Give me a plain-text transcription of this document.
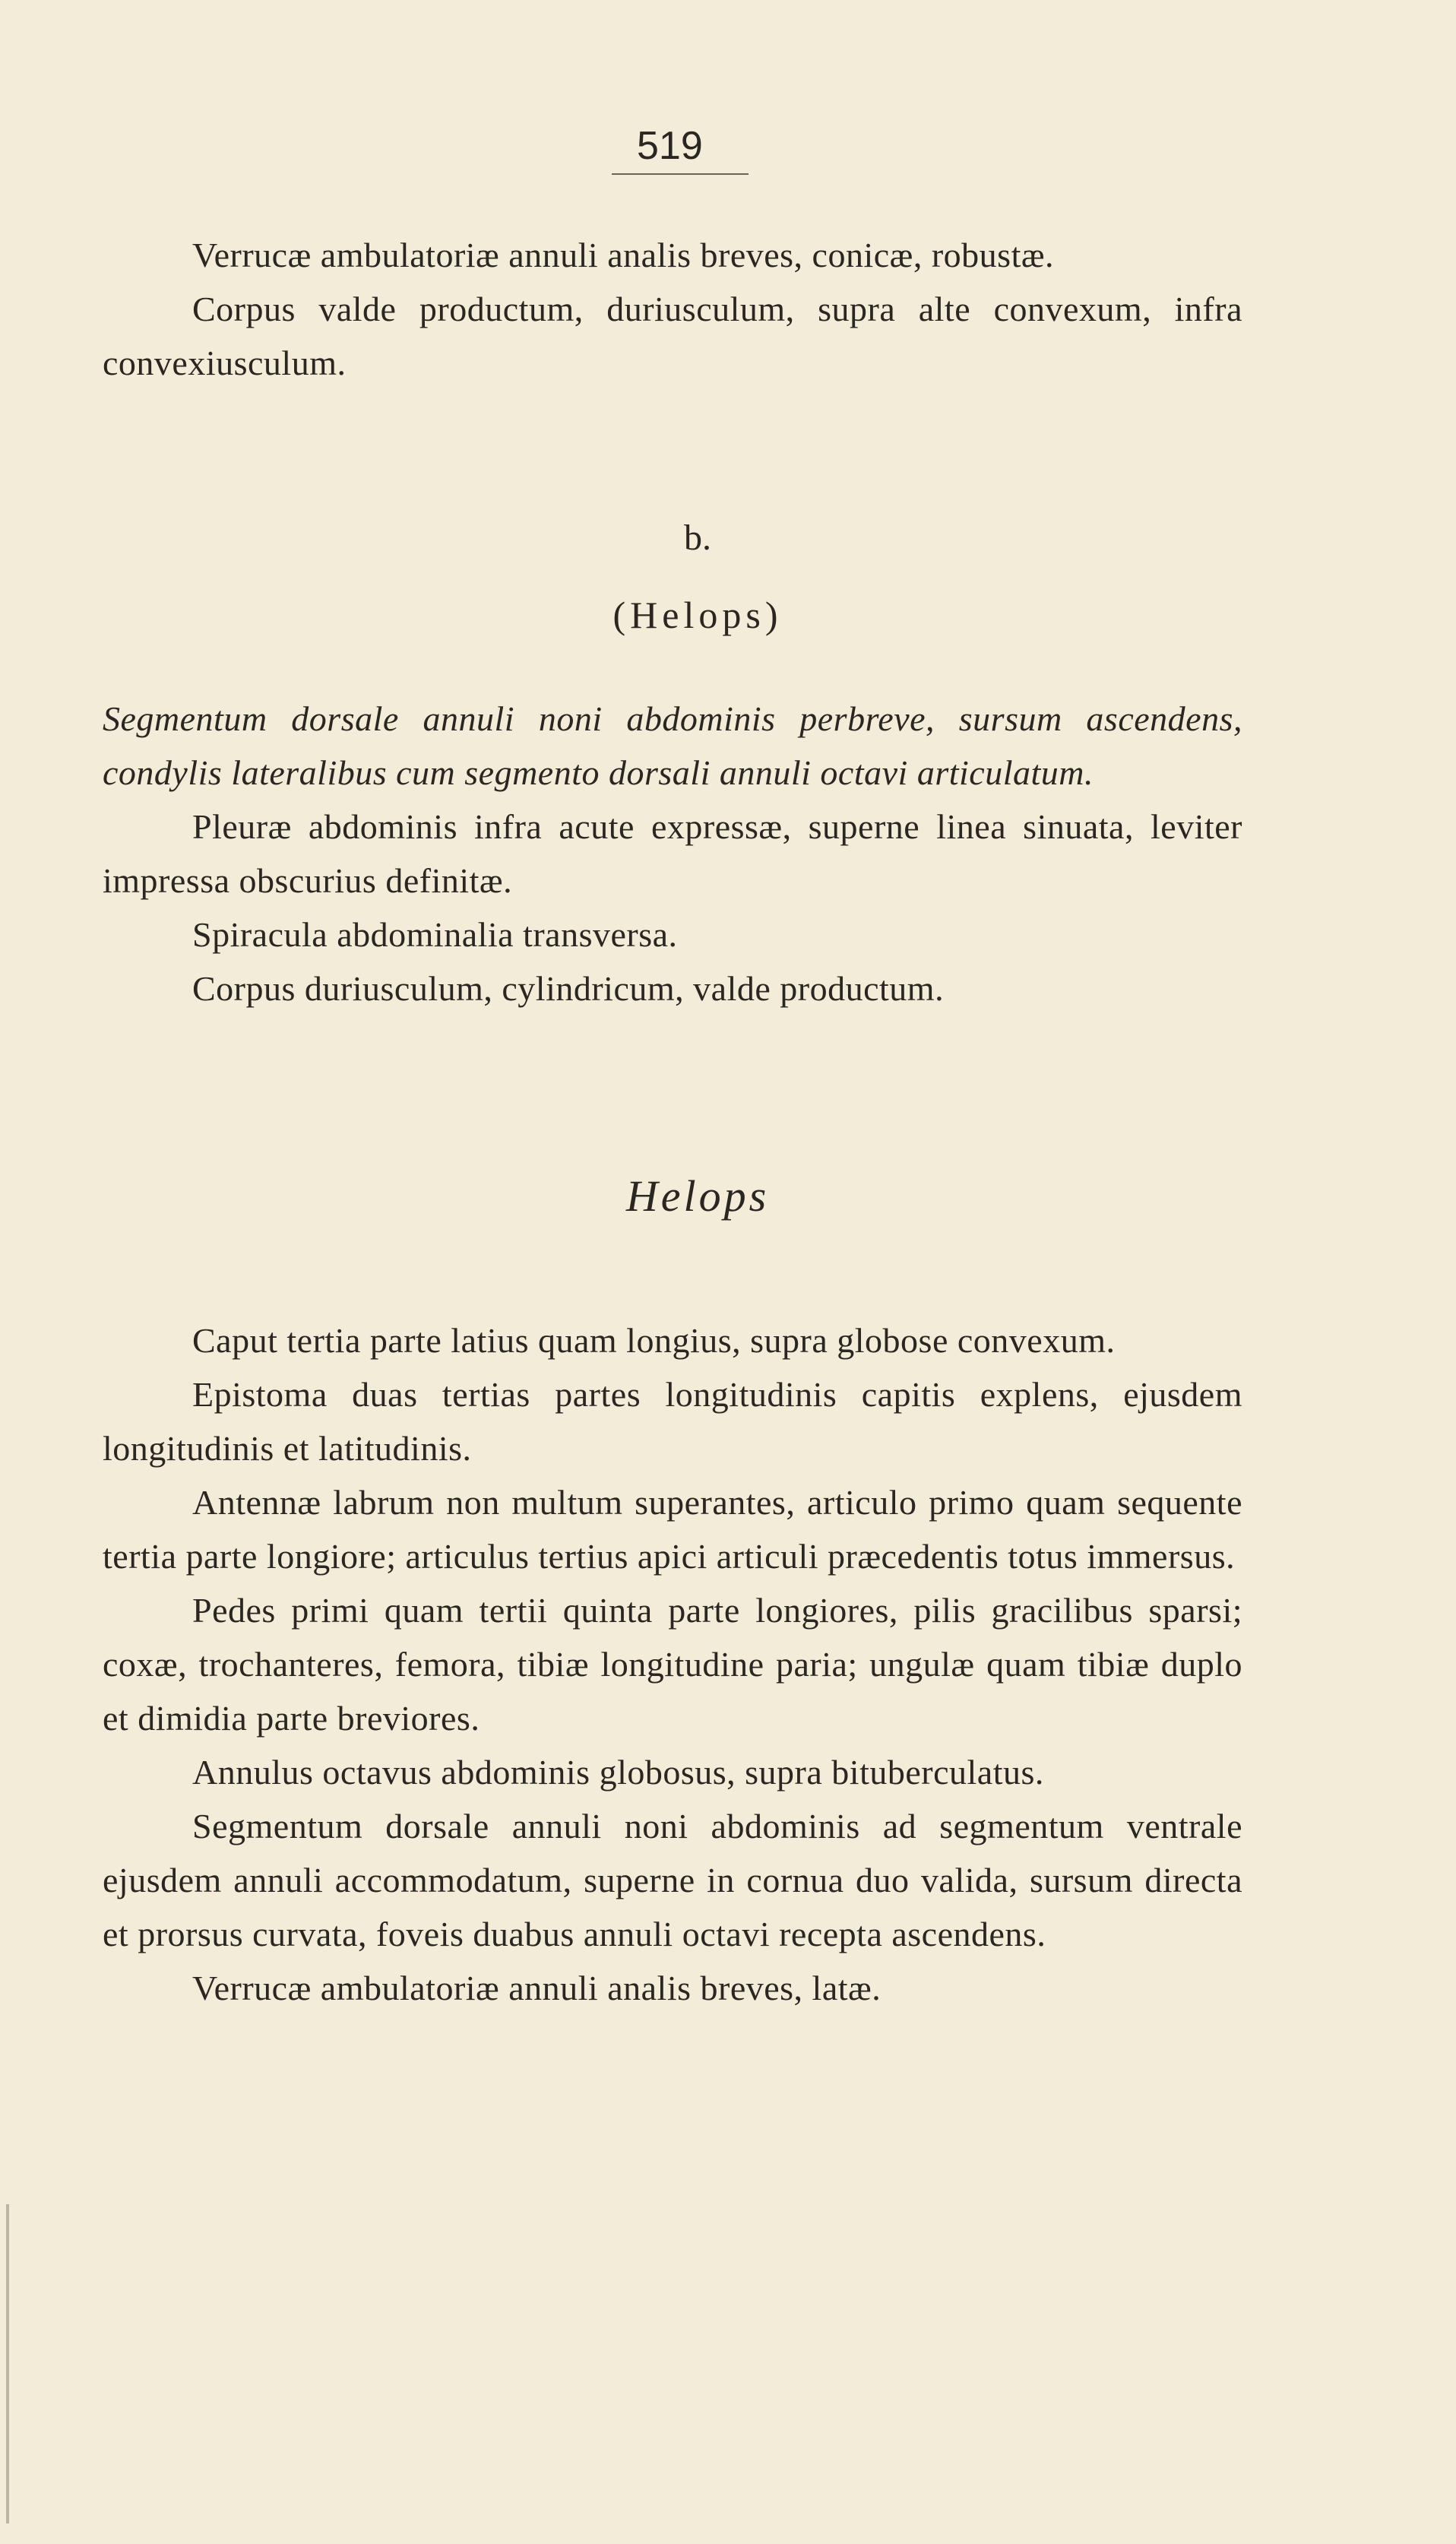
519

Verrucæ ambulatoriæ annuli analis breves, conicæ, robustæ.

Corpus valde productum, duriusculum, supra alte convexum, infra convexiusculum.

b.
(Helops)

Segmentum dorsale annuli noni abdominis perbreve, sursum ascendens, condylis lateralibus cum segmento dorsali annuli octavi articulatum.

Pleuræ abdominis infra acute expressæ, superne linea sinuata, leviter impressa obscurius definitæ.

Spiracula abdominalia transversa.

Corpus duriusculum, cylindricum, valde productum.

Helops

Caput tertia parte latius quam longius, supra globose convexum.

Epistoma duas tertias partes longitudinis capitis explens, ejusdem longitudinis et latitudinis.

Antennæ labrum non multum superantes, articulo primo quam sequente tertia parte longiore; articulus tertius apici articuli præcedentis totus immersus.

Pedes primi quam tertii quinta parte longiores, pilis gracilibus sparsi; coxæ, trochanteres, femora, tibiæ longitudine paria; ungulæ quam tibiæ duplo et dimidia parte breviores.

Annulus octavus abdominis globosus, supra bituberculatus.

Segmentum dorsale annuli noni abdominis ad segmentum ventrale ejusdem annuli accommodatum, superne in cornua duo valida, sursum directa et prorsus curvata, foveis duabus annuli octavi recepta ascendens.

Verrucæ ambulatoriæ annuli analis breves, latæ.
